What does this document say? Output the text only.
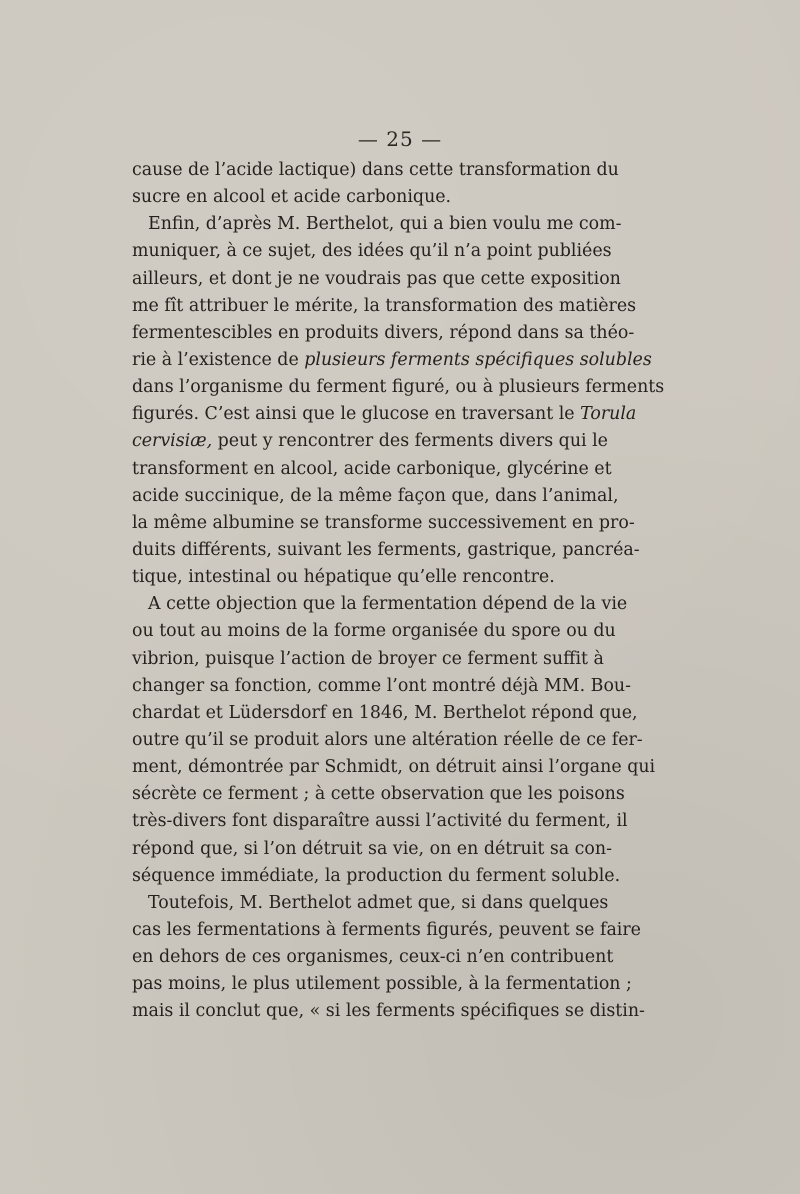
— 25 —
cause de l’acide lactique) dans cette transformation du
sucre en alcool et acide carbonique.
Enfin, d’après M. Berthelot, qui a bien voulu me com-
muniquer, à ce sujet, des idées qu’il n’a point publiées
ailleurs, et dont je ne voudrais pas que cette exposition
me fît attribuer le mérite, la transformation des matières
fermentescibles en produits divers, répond dans sa théo-
rie à l’existence de plusieurs ferments spécifiques solubles
dans l’organisme du ferment figuré, ou à plusieurs ferments
figurés. C’est ainsi que le glucose en traversant le Torula
cervisiæ, peut y rencontrer des ferments divers qui le
transforment en alcool, acide carbonique, glycérine et
acide succinique, de la même façon que, dans l’animal,
la même albumine se transforme successivement en pro-
duits différents, suivant les ferments, gastrique, pancréa-
tique, intestinal ou hépatique qu’elle rencontre.
A cette objection que la fermentation dépend de la vie
ou tout au moins de la forme organisée du spore ou du
vibrion, puisque l’action de broyer ce ferment suffit à
changer sa fonction, comme l’ont montré déjà MM. Bou-
chardat et Lüdersdorf en 1846, M. Berthelot répond que,
outre qu’il se produit alors une altération réelle de ce fer-
ment, démontrée par Schmidt, on détruit ainsi l’organe qui
sécrète ce ferment ; à cette observation que les poisons
très-divers font disparaître aussi l’activité du ferment, il
répond que, si l’on détruit sa vie, on en détruit sa con-
séquence immédiate, la production du ferment soluble.
Toutefois, M. Berthelot admet que, si dans quelques
cas les fermentations à ferments figurés, peuvent se faire
en dehors de ces organismes, ceux-ci n’en contribuent
pas moins, le plus utilement possible, à la fermentation ;
mais il conclut que, « si les ferments spécifiques se distin-
